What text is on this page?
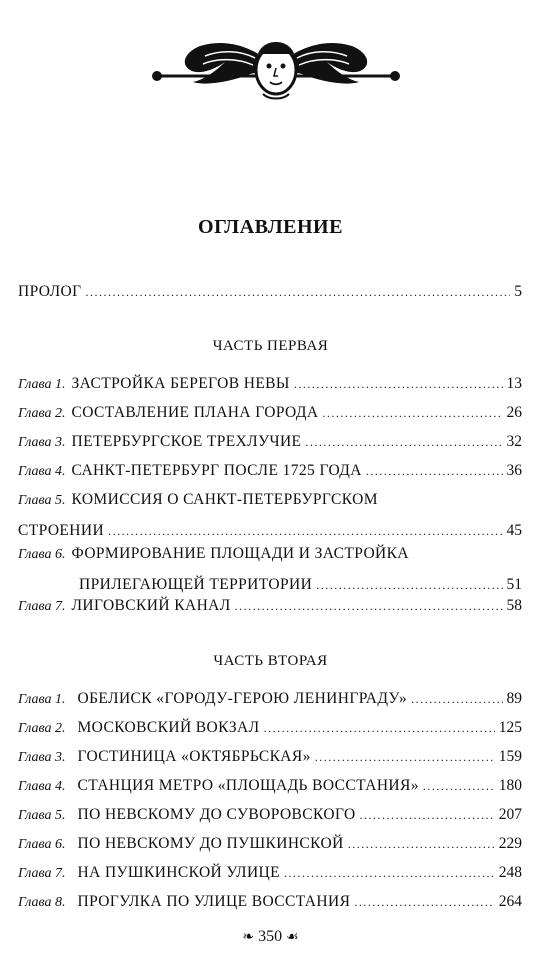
ОГЛАВЛЕНИЕ
ПРОЛОГ .....	5
ЧАСТЬ ПЕРВАЯ
Глава 1. ЗАСТРОЙКА БЕРЕГОВ НЕВЫ .....	13
Глава 2. СОСТАВЛЕНИЕ ПЛАНА ГОРОДА .....	26
Глава 3. ПЕТЕРБУРГСКОЕ ТРЕХЛУЧИЕ .....	32
Глава 4. САНКТ-ПЕТЕРБУРГ ПОСЛЕ 1725 ГОДА .....	36
Глава 5. КОМИССИЯ О САНКТ-ПЕТЕРБУРГСКОМ
СТРОЕНИИ .....	45
Глава 6. ФОРМИРОВАНИЕ ПЛОЩАДИ И ЗАСТРОЙКА
ПРИЛЕГАЮЩЕЙ ТЕРРИТОРИИ .....	51
Глава 7. ЛИГОВСКИЙ КАНАЛ .....	58
ЧАСТЬ ВТОРАЯ
Глава 1. ОБЕЛИСК «ГОРОДУ-ГЕРОЮ ЛЕНИНГРАДУ» .....	89
Глава 2. МОСКОВСКИЙ ВОКЗАЛ .....	125
Глава 3. ГОСТИНИЦА «ОКТЯБРЬСКАЯ» .....	159
Глава 4. СТАНЦИЯ МЕТРО «ПЛОЩАДЬ ВОССТАНИЯ» .....	180
Глава 5. ПО НЕВСКОМУ ДО СУВОРОВСКОГО .....	207
Глава 6. ПО НЕВСКОМУ ДО ПУШКИНСКОЙ .....	229
Глава 7. НА ПУШКИНСКОЙ УЛИЦЕ .....	248
Глава 8. ПРОГУЛКА ПО УЛИЦЕ ВОССТАНИЯ .....	264
❧ 350 ☙
